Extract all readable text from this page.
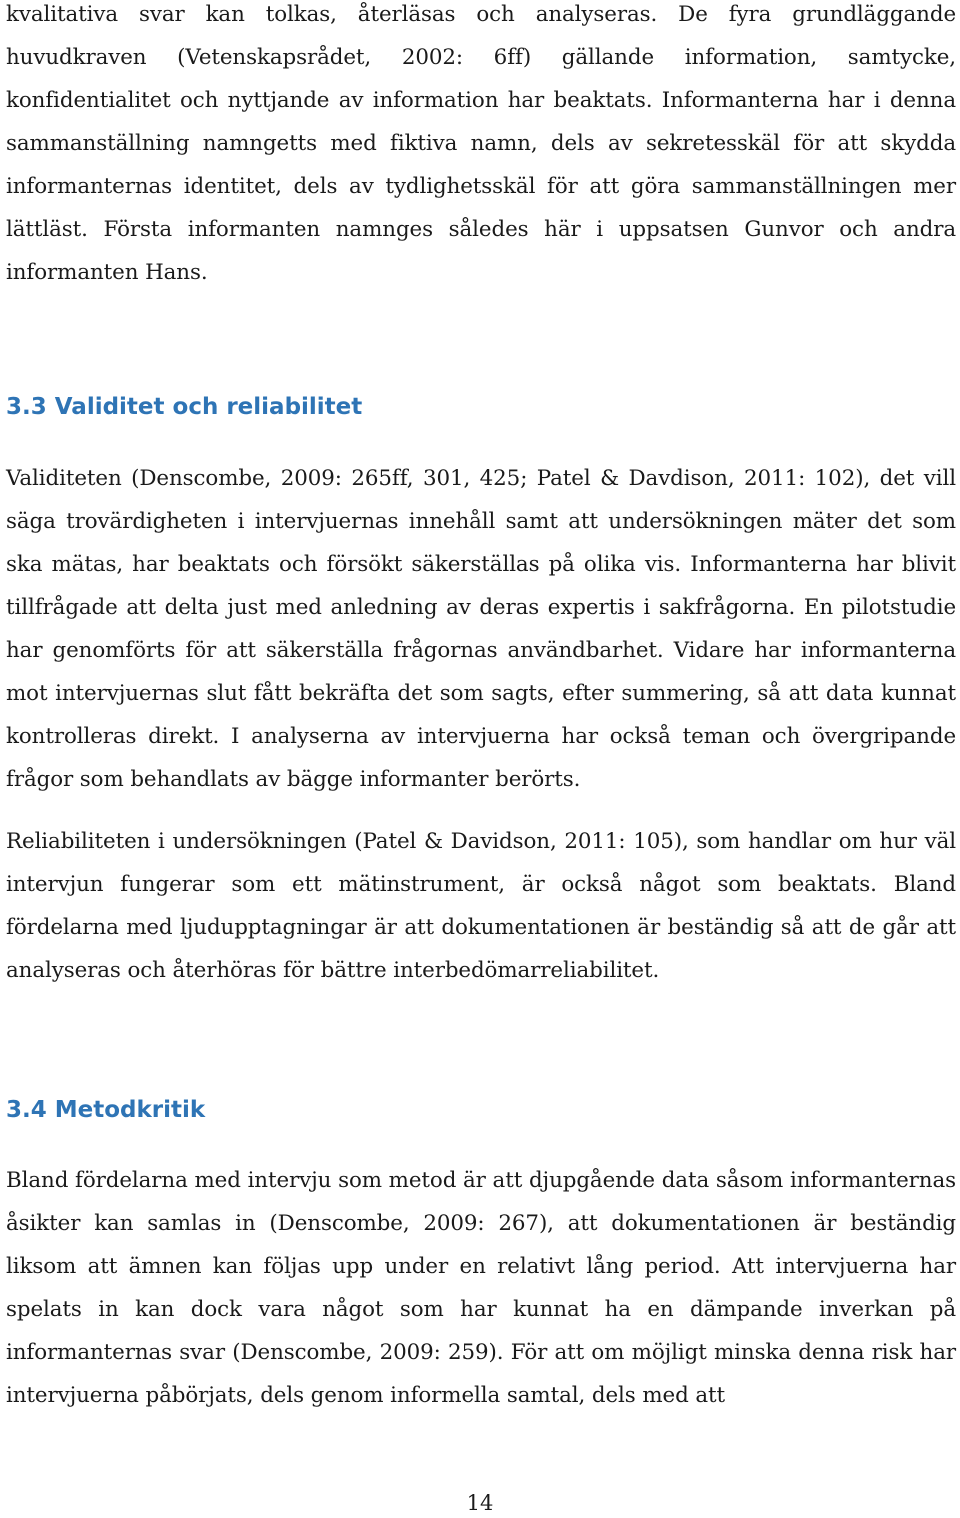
kvalitativa svar kan tolkas, återläsas och analyseras. De fyra grundläggande huvudkraven (Vetenskapsrådet, 2002: 6ff) gällande information, samtycke, konfidentialitet och nyttjande av information har beaktats. Informanterna har i denna sammanställning namngetts med fiktiva namn, dels av sekretesskäl för att skydda informanternas identitet, dels av tydlighetsskäl för att göra sammanställningen mer lättläst. Första informanten namnges således här i uppsatsen Gunvor och andra informanten Hans.

3.3 Validitet och reliabilitet

Validiteten (Denscombe, 2009: 265ff, 301, 425; Patel & Davdison, 2011: 102), det vill säga trovärdigheten i intervjuernas innehåll samt att undersökningen mäter det som ska mätas, har beaktats och försökt säkerställas på olika vis. Informanterna har blivit tillfrågade att delta just med anledning av deras expertis i sakfrågorna. En pilotstudie har genomförts för att säkerställa frågornas användbarhet. Vidare har informanterna mot intervjuernas slut fått bekräfta det som sagts, efter summering, så att data kunnat kontrolleras direkt. I analyserna av intervjuerna har också teman och övergripande frågor som behandlats av bägge informanter berörts.

Reliabiliteten i undersökningen (Patel & Davidson, 2011: 105), som handlar om hur väl intervjun fungerar som ett mätinstrument, är också något som beaktats. Bland fördelarna med ljudupptagningar är att dokumentationen är beständig så att de går att analyseras och återhöras för bättre interbedömarreliabilitet.

3.4 Metodkritik

Bland fördelarna med intervju som metod är att djupgående data såsom informanternas åsikter kan samlas in (Denscombe, 2009: 267), att dokumentationen är beständig liksom att ämnen kan följas upp under en relativt lång period. Att intervjuerna har spelats in kan dock vara något som har kunnat ha en dämpande inverkan på informanternas svar (Denscombe, 2009: 259). För att om möjligt minska denna risk har intervjuerna påbörjats, dels genom informella samtal, dels med att

14
